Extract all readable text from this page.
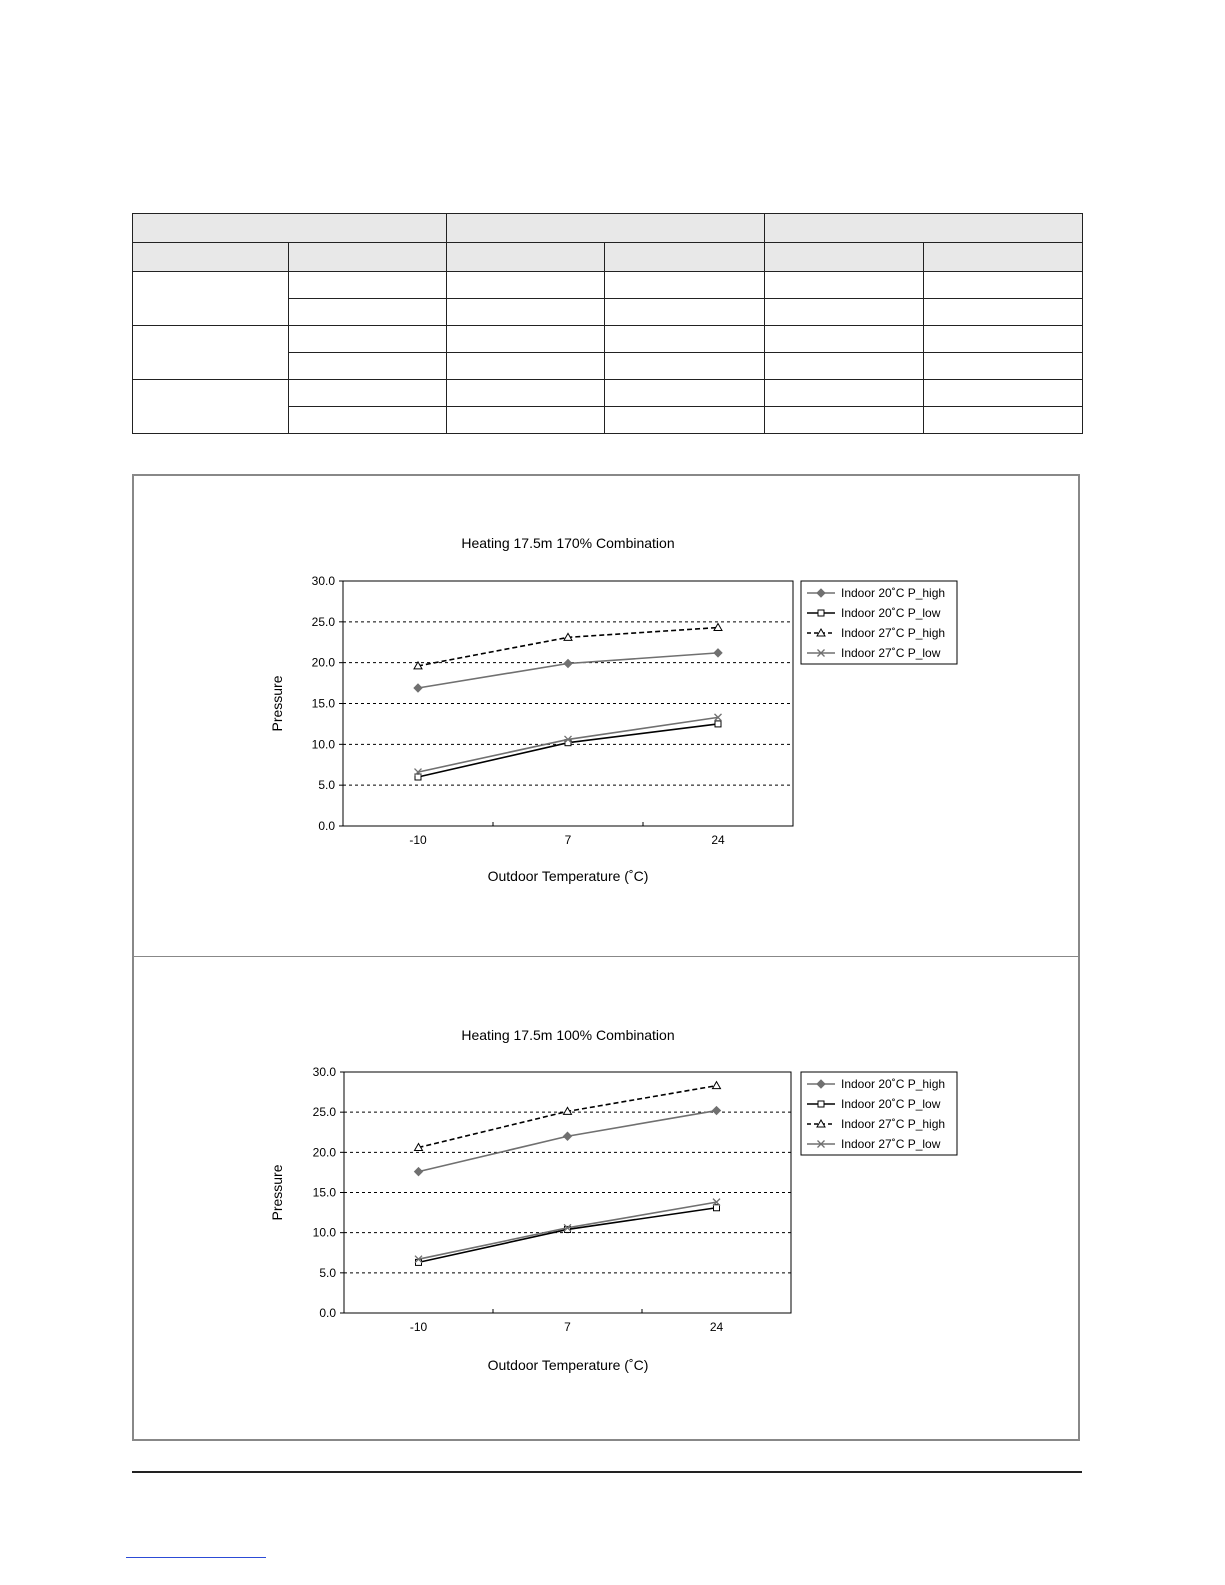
Heating 17.5m 170% Combination
0.0
5.0
10.0
15.0
20.0
25.0
30.0
-10	7	24
Outdoor Temperature (˚C)
Pressure
Indoor 20˚C P_high
Indoor 20˚C P_low
Indoor 27˚C P_high
Indoor 27˚C P_low
Heating 17.5m 100% Combination
0.0
5.0
10.0
15.0
20.0
25.0
30.0
-10	7	24
Outdoor Temperature (˚C)
Pressure
Indoor 20˚C P_high
Indoor 20˚C P_low
Indoor 27˚C P_high
Indoor 27˚C P_low
